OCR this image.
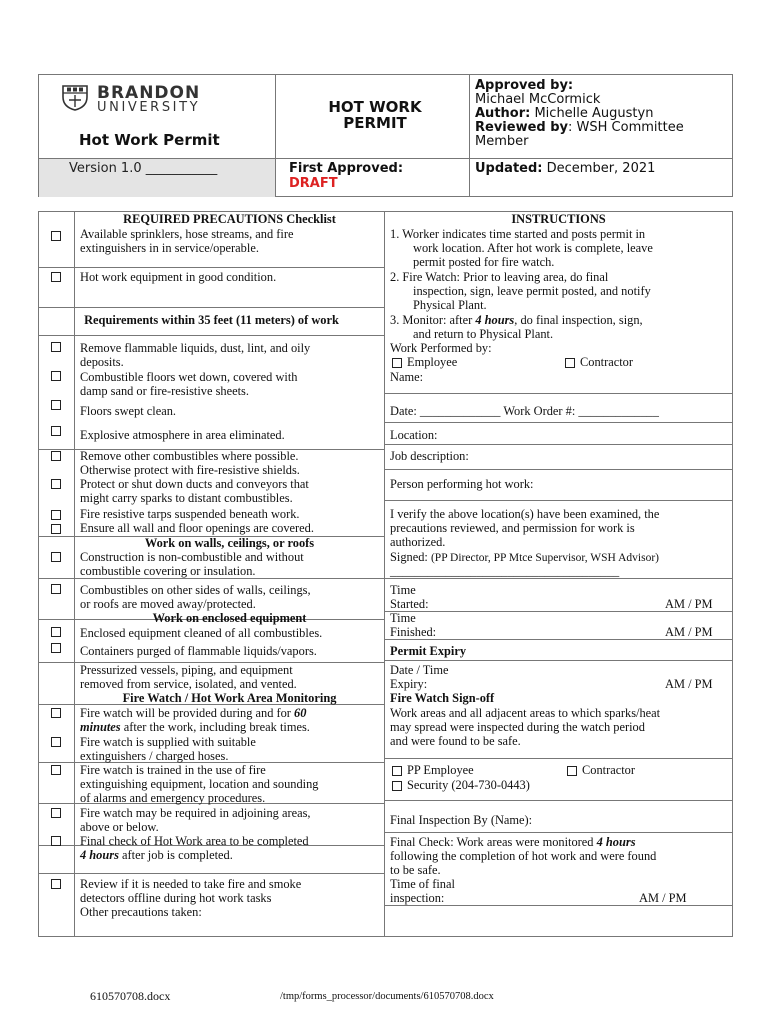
BRANDON
UNIVERSITY
Hot Work Permit
Version 1.0 ___________
HOT WORK
PERMIT
First Approved:
DRAFT
Approved by:
Michael McCormick
Author: Michelle Augustyn
Reviewed by: WSH Committee
Member
Updated: December, 2021
REQUIRED PRECAUTIONS Checklist
Available sprinklers, hose streams, and fire
extinguishers in in service/operable.
Hot work equipment in good condition.
Requirements within 35 feet (11 meters) of work
Remove flammable liquids, dust, lint, and oily
deposits.
Combustible floors wet down, covered with
damp sand or fire-resistive sheets.
Floors swept clean.
Explosive atmosphere in area eliminated.
Remove other combustibles where possible.
Otherwise protect with fire-resistive shields.
Protect or shut down ducts and conveyors that
might carry sparks to distant combustibles.
Fire resistive tarps suspended beneath work.
Ensure all wall and floor openings are covered.
Work on walls, ceilings, or roofs
Construction is non-combustible and without
combustible covering or insulation.
Combustibles on other sides of walls, ceilings,
or roofs are moved away/protected.
Work on enclosed equipment
Enclosed equipment cleaned of all combustibles.
Containers purged of flammable liquids/vapors.
Pressurized vessels, piping, and equipment
removed from service, isolated, and vented.
Fire Watch / Hot Work Area Monitoring
Fire watch will be provided during and for 60
minutes after the work, including break times.
Fire watch is supplied with suitable
extinguishers / charged hoses.
Fire watch is trained in the use of fire
extinguishing equipment, location and sounding
of alarms and emergency procedures.
Fire watch may be required in adjoining areas,
above or below.
Final check of Hot Work area to be completed
4 hours after job is completed.
Review if it is needed to take fire and smoke
detectors offline during hot work tasks
Other precautions taken:
INSTRUCTIONS
1. Worker indicates time started and posts permit in
work location. After hot work is complete, leave
permit posted for fire watch.
2. Fire Watch: Prior to leaving area, do final
inspection, sign, leave permit posted, and notify
Physical Plant.
3. Monitor: after 4 hours, do final inspection, sign,
and return to Physical Plant.
Work Performed by:
Employee	Contractor
Name:
Date: _____________ Work Order #: _____________
Location:
Job description:
Person performing hot work:
I verify the above location(s) have been examined, the
precautions reviewed, and permission for work is
authorized.
Signed: (PP Director, PP Mtce Supervisor, WSH Advisor)
_____________________________________
Time
Started:	AM / PM
Time
Finished:	AM / PM
Permit Expiry
Date / Time
Expiry:	AM / PM
Fire Watch Sign-off
Work areas and all adjacent areas to which sparks/heat
may spread were inspected during the watch period
and were found to be safe.
PP Employee	Contractor
Security (204-730-0443)
Final Inspection By (Name):
Final Check: Work areas were monitored 4 hours
following the completion of hot work and were found
to be safe.
Time of final
inspection:	AM / PM
610570708.docx	/tmp/forms_processor/documents/610570708.docx
